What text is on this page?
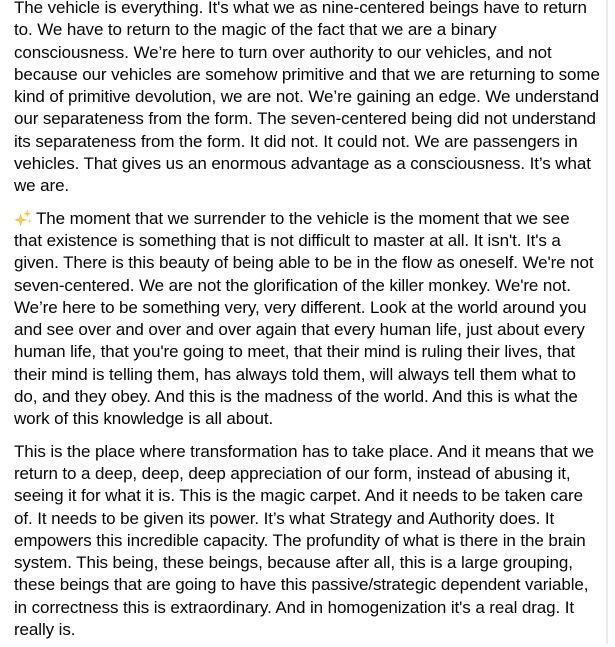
The vehicle is everything. It's what we as nine-centered beings have to return to. We have to return to the magic of the fact that we are a binary consciousness. We’re here to turn over authority to our vehicles, and not because our vehicles are somehow primitive and that we are returning to some kind of primitive devolution, we are not. We’re gaining an edge. We understand our separateness from the form. The seven-centered being did not understand its separateness from the form. It did not. It could not. We are passengers in vehicles. That gives us an enormous advantage as a consciousness. It’s what we are.

The moment that we surrender to the vehicle is the moment that we see that existence is something that is not difficult to master at all. It isn't. It's a given. There is this beauty of being able to be in the flow as oneself. We're not seven-centered. We are not the glorification of the killer monkey. We're not. We’re here to be something very, very different. Look at the world around you and see over and over and over again that every human life, just about every human life, that you're going to meet, that their mind is ruling their lives, that their mind is telling them, has always told them, will always tell them what to do, and they obey. And this is the madness of the world. And this is what the work of this knowledge is all about.

This is the place where transformation has to take place. And it means that we return to a deep, deep, deep appreciation of our form, instead of abusing it, seeing it for what it is. This is the magic carpet. And it needs to be taken care of. It needs to be given its power. It’s what Strategy and Authority does. It empowers this incredible capacity. The profundity of what is there in the brain system. This being, these beings, because after all, this is a large grouping, these beings that are going to have this passive/strategic dependent variable, in correctness this is extraordinary. And in homogenization it's a real drag. It really is.
